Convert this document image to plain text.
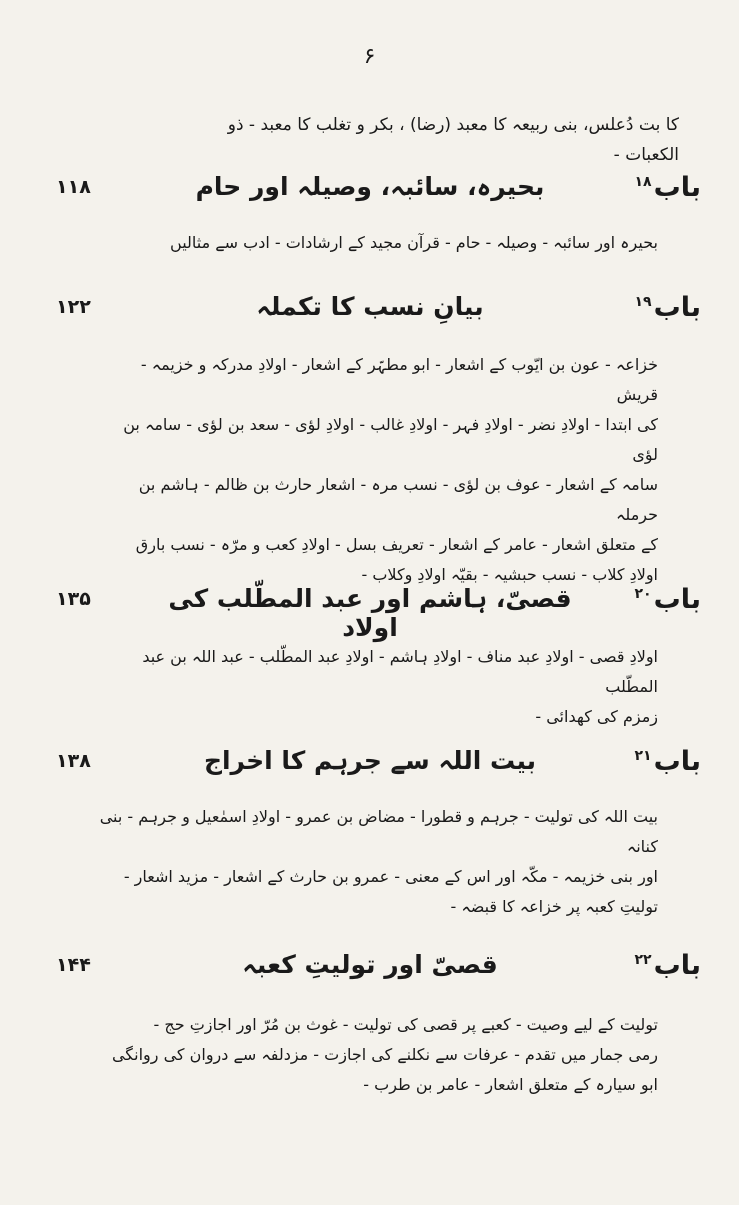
۶
کا بت دُعلس، بنی ربیعہ کا معبد (رضا) ، بکر و تغلب کا معبد - ذو الکعبات -
باب$^{۱۸}$
بحیرہ، سائبہ، وصیلہ اور حام
۱۱۸

بحیرہ اور سائبہ - وصیلہ - حام - قرآن مجید کے ارشادات - ادب سے مثالیں

باب$^{۱۹}$
بیانِ نسب کا تکملہ
۱۲۲

خزاعہ - عون بن ایّوب کے اشعار - ابو مطہّر کے اشعار - اولادِ مدرکہ و خزیمہ - قریش

کی ابتدا - اولادِ نضر - اولادِ فہر - اولادِ غالب - اولادِ لؤی - سعد بن لؤی - سامہ بن لؤی

سامہ کے اشعار - عوف بن لؤی - نسب مرہ - اشعار حارث بن ظالم - ہاشم بن حرملہ

کے متعلق اشعار - عامر کے اشعار - تعریف بسل - اولادِ کعب و مرّہ - نسب بارق

اولادِ کلاب - نسب حبشیہ - بقیّہ اولادِ وکلاب -

باب$^{۲۰}$
قصیّ، ہاشم اور عبد المطّلب کی اولاد
۱۳۵

اولادِ قصی - اولادِ عبد مناف - اولادِ ہاشم - اولادِ عبد المطّلب - عبد اللہ بن عبد المطّلب

زمزم کی کھدائی -

باب$^{۲۱}$
بیت اللہ سے جرہم کا اخراج
۱۳۸

بیت اللہ کی تولیت - جرہم و قطورا - مضاض بن عمرو - اولادِ اسمٰعیل و جرہم - بنی کنانہ

اور بنی خزیمہ - مکّہ اور اس کے معنی - عمرو بن حارث کے اشعار - مزید اشعار -

تولیتِ کعبہ پر خزاعہ کا قبضہ -

باب$^{۲۲}$
قصیّ اور تولیتِ کعبہ
۱۴۴

تولیت کے لیے وصیت - کعبے پر قصی کی تولیت - غوث بن مُرّ اور اجازتِ حج -

رمی جمار میں تقدم - عرفات سے نکلنے کی اجازت - مزدلفہ سے دروان کی روانگی

ابو سیارہ کے متعلق اشعار - عامر بن طرب -
